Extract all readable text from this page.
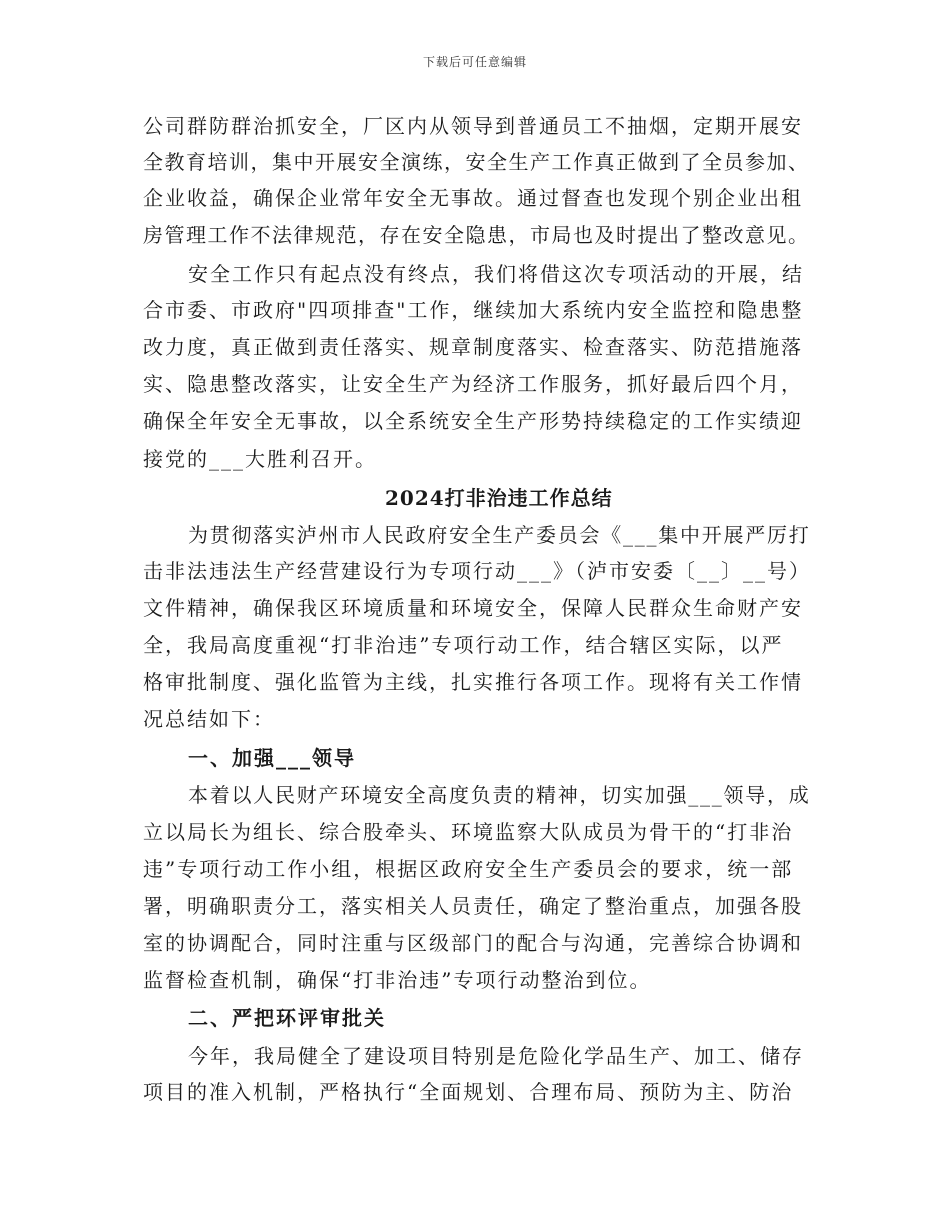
下载后可任意编辑
公司群防群治抓安全，厂区内从领导到普通员工不抽烟，定期开展安
全教育培训，集中开展安全演练，安全生产工作真正做到了全员参加、
企业收益，确保企业常年安全无事故。通过督查也发现个别企业出租
房管理工作不法律规范，存在安全隐患，市局也及时提出了整改意见。
安全工作只有起点没有终点，我们将借这次专项活动的开展，结
合市委、市政府"四项排查"工作，继续加大系统内安全监控和隐患整
改力度，真正做到责任落实、规章制度落实、检查落实、防范措施落
实、隐患整改落实，让安全生产为经济工作服务，抓好最后四个月，
确保全年安全无事故，以全系统安全生产形势持续稳定的工作实绩迎
接党的___大胜利召开。
2024打非治违工作总结
为贯彻落实泸州市人民政府安全生产委员会《___集中开展严厉打
击非法违法生产经营建设行为专项行动___》（泸市安委〔__〕__号）
文件精神，确保我区环境质量和环境安全，保障人民群众生命财产安
全，我局高度重视“打非治违”专项行动工作，结合辖区实际，以严
格审批制度、强化监管为主线，扎实推行各项工作。现将有关工作情
况总结如下：
一、加强___领导
本着以人民财产环境安全高度负责的精神，切实加强___领导，成
立以局长为组长、综合股牵头、环境监察大队成员为骨干的“打非治
违”专项行动工作小组，根据区政府安全生产委员会的要求，统一部
署，明确职责分工，落实相关人员责任，确定了整治重点，加强各股
室的协调配合，同时注重与区级部门的配合与沟通，完善综合协调和
监督检查机制，确保“打非治违”专项行动整治到位。
二、严把环评审批关
今年，我局健全了建设项目特别是危险化学品生产、加工、储存
项目的准入机制，严格执行“全面规划、合理布局、预防为主、防治
